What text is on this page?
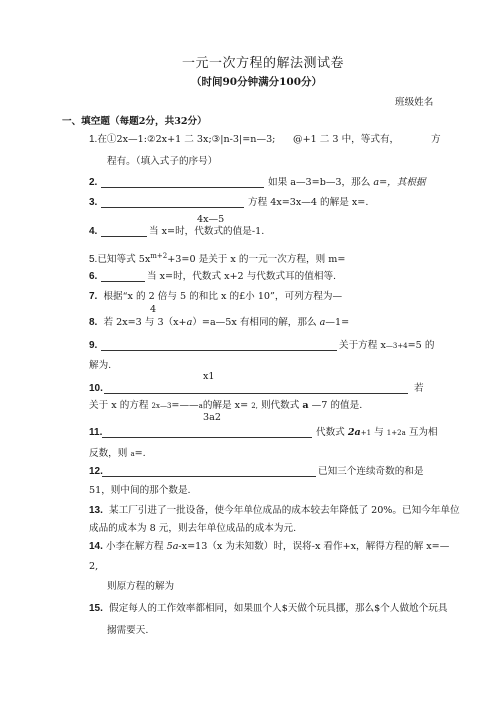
一元一次方程的解法测试卷
（时间90分钟满分100分）
班级姓名
一、填空题（每题2分，共32分）
1.在①2x—1:②2x+1 二 3x;③|n-3|=n—3; @+1 二 3 中，等式有，	方
程有。（填入式子的序号）
2.	如果 a—3=b—3，那么 a=，其根据
3.	方程 4x=3x—4 的解是 x=.
4x—5
4.	当 x=时，代数式的值是-1.
5.已知等式 $5x^{m+2}+3=0$ 是关于 x 的一元一次方程，则 m=
6.	当 x=时，代数式 x+2 与代数式耳的值相等.
7. 根据“x 的 2 倍与 5 的和比 x 的£小 10”，可列方程为—
4
8. 若 2x=3 与 3（x+a）=a—5x 有相同的解，那么 a—1=
9.	关于方程 x—3+4=5 的
解为.
x1
10.	若
关于 x 的方程 2x—3=——a的解是 x= 2, 则代数式 a —7 的值是.
3a2
11.	代数式 2a+1 与 1+2a 互为相
反数，则 a=.
12.	已知三个连续奇数的和是
51，则中间的那个数是.
13. 某工厂引进了一批设备，使今年单位成品的成本较去年降低了 20%。已知今年单位
成品的成本为 8 元，则去年单位成品的成本为元.
14. 小李在解方程 5a-x=13（x 为未知数）时，误将-x 看作+x，解得方程的解 x=—
2,
则原方程的解为
15. 假定每人的工作效率都相同，如果皿个人$天做个玩具挪，那么$个人做尬个玩具
搦需要天.
